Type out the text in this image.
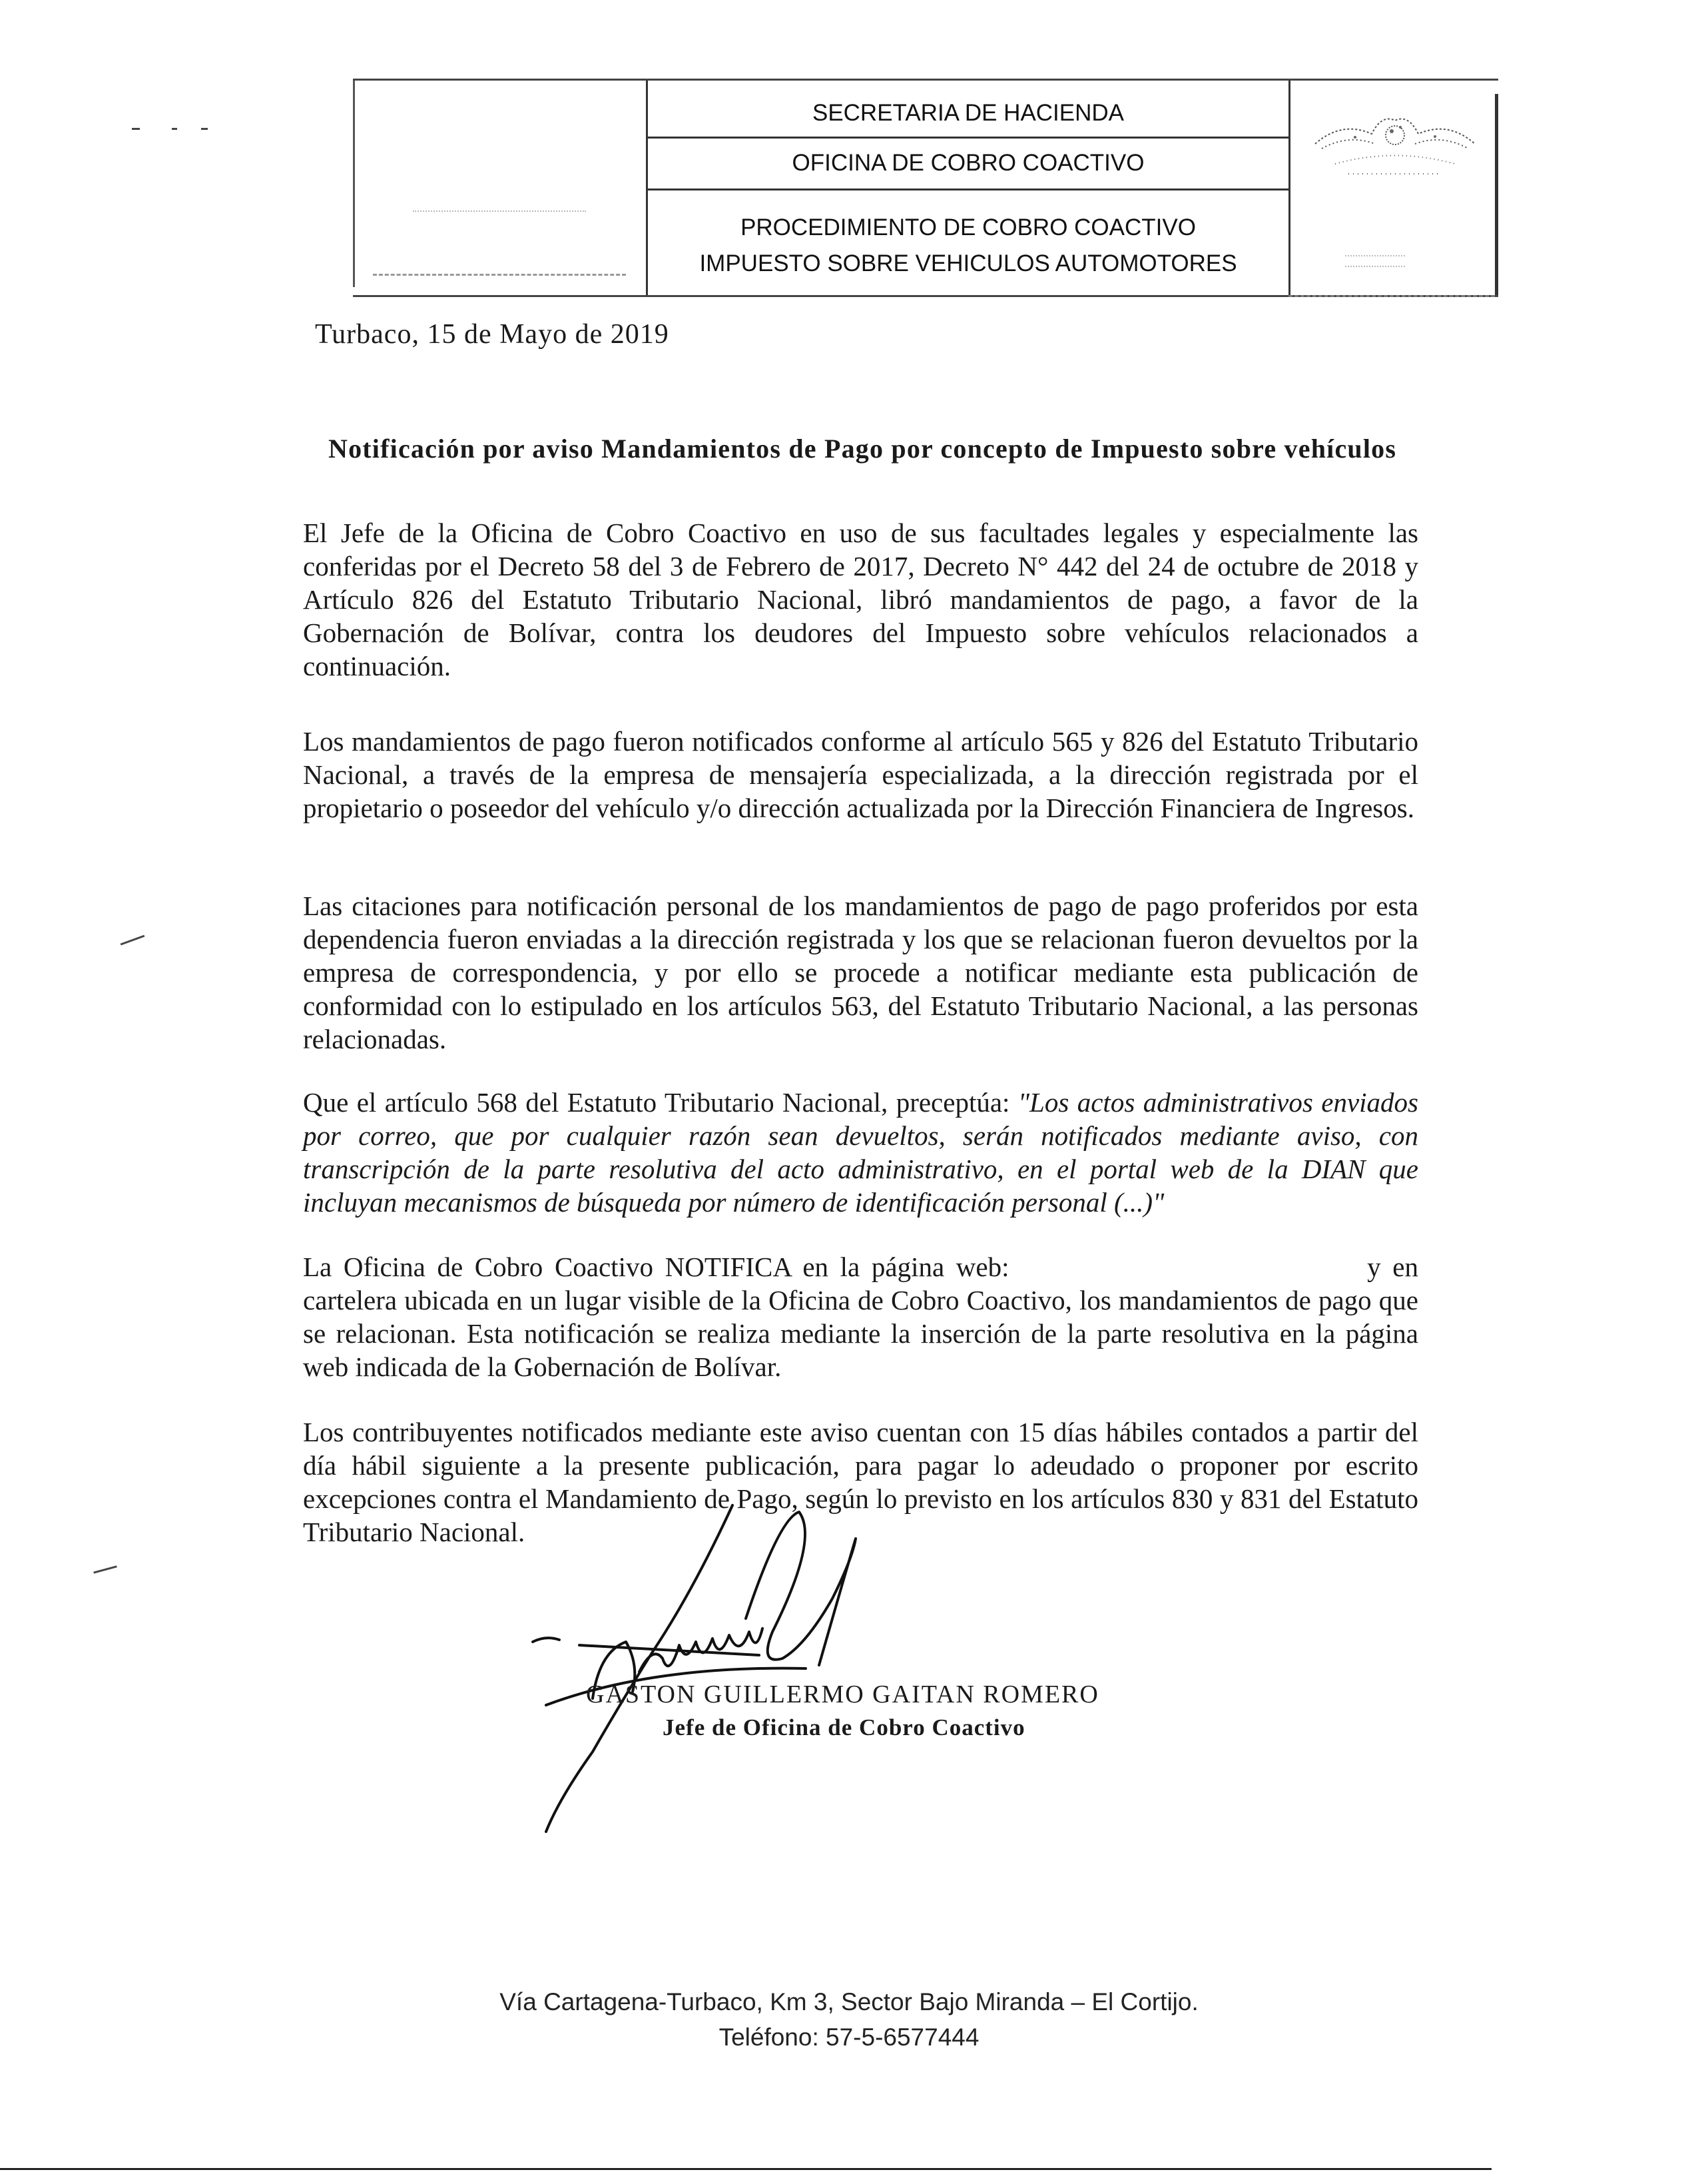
SECRETARIA DE HACIENDA
OFICINA DE COBRO COACTIVO
PROCEDIMIENTO DE COBRO COACTIVO
IMPUESTO SOBRE VEHICULOS AUTOMOTORES
Turbaco, 15 de Mayo de 2019
Notificación por aviso Mandamientos de Pago por concepto de Impuesto sobre vehículos

El Jefe de la Oficina de Cobro Coactivo en uso de sus facultades legales y especialmente las conferidas por el Decreto 58 del 3 de Febrero de 2017, Decreto N° 442 del 24 de octubre de 2018 y Artículo 826 del Estatuto Tributario Nacional, libró mandamientos de pago, a favor de la Gobernación de Bolívar, contra los deudores del Impuesto sobre vehículos relacionados a continuación.

Los mandamientos de pago fueron notificados conforme al artículo 565 y 826 del Estatuto Tributario Nacional, a través de la empresa de mensajería especializada, a la dirección registrada por el propietario o poseedor del vehículo y/o dirección actualizada por la Dirección Financiera de Ingresos.

Las citaciones para notificación personal de los mandamientos de pago de pago proferidos por esta dependencia fueron enviadas a la dirección registrada y los que se relacionan fueron devueltos por la empresa de correspondencia, y por ello se procede a notificar mediante esta publicación de conformidad con lo estipulado en los artículos 563, del Estatuto Tributario Nacional, a las personas relacionadas.

Que el artículo 568 del Estatuto Tributario Nacional, preceptúa: "Los actos administrativos enviados por correo, que por cualquier razón sean devueltos, serán notificados mediante aviso, con transcripción de la parte resolutiva del acto administrativo, en el portal web de la DIAN que incluyan mecanismos de búsqueda por número de identificación personal (...)"

La Oficina de Cobro Coactivo NOTIFICA en la página web:	y en cartelera ubicada en un lugar visible de la Oficina de Cobro Coactivo, los mandamientos de pago que se relacionan. Esta notificación se realiza mediante la inserción de la parte resolutiva en la página web indicada de la Gobernación de Bolívar.

Los contribuyentes notificados mediante este aviso cuentan con 15 días hábiles contados a partir del día hábil siguiente a la presente publicación, para pagar lo adeudado o proponer por escrito excepciones contra el Mandamiento de Pago, según lo previsto en los artículos 830 y 831 del Estatuto Tributario Nacional.

GASTON GUILLERMO GAITAN ROMERO
Jefe de Oficina de Cobro Coactivo
Vía Cartagena-Turbaco, Km 3, Sector Bajo Miranda – El Cortijo.
Teléfono: 57-5-6577444
